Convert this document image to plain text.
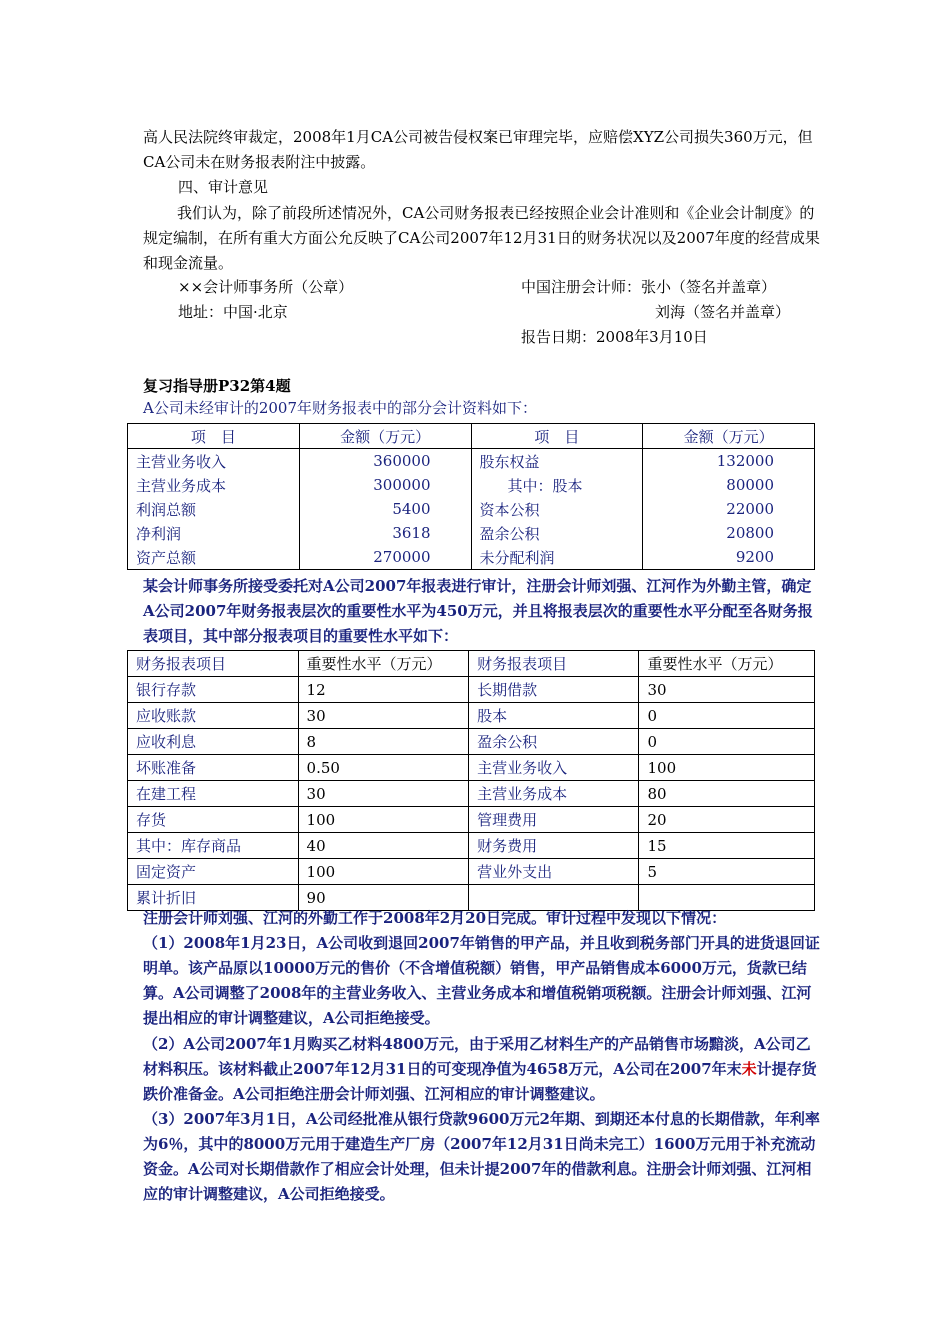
高人民法院终审裁定，2008年1月CA公司被告侵权案已审理完毕，应赔偿XYZ公司损失360万元，但CA公司未在财务报表附注中披露。

四、审计意见

我们认为，除了前段所述情况外，CA公司财务报表已经按照企业会计准则和《企业会计制度》的规定编制，在所有重大方面公允反映了CA公司2007年12月31日的财务状况以及2007年度的经营成果和现金流量。

××会计师事务所（公章）	中国注册会计师：张小（签名并盖章）
地址：中国·北京	刘海（签名并盖章）
报告日期：2008年3月10日
复习指导册P32第4题
A公司未经审计的2007年财务报表中的部分会计资料如下：
项　目	金额（万元）	项　目	金额（万元）
主营业务收入	360000	股东权益	132000
主营业务成本	300000	其中：股本	80000
利润总额	5400	资本公积	22000
净利润	3618	盈余公积	20800
资产总额	270000	未分配利润	9200

某会计师事务所接受委托对A公司2007年报表进行审计，注册会计师刘强、江河作为外勤主管，确定A公司2007年财务报表层次的重要性水平为450万元，并且将报表层次的重要性水平分配至各财务报表项目，其中部分报表项目的重要性水平如下：

财务报表项目	重要性水平（万元）	财务报表项目	重要性水平（万元）
银行存款	12	长期借款	30
应收账款	30	股本	0
应收利息	8	盈余公积	0
坏账准备	0.50	主营业务收入	100
在建工程	30	主营业务成本	80
存货	100	管理费用	20
其中：库存商品	40	财务费用	15
固定资产	100	营业外支出	5
累计折旧	90		

注册会计师刘强、江河的外勤工作于2008年2月20日完成。审计过程中发现以下情况：

（1）2008年1月23日，A公司收到退回2007年销售的甲产品，并且收到税务部门开具的进货退回证明单。该产品原以10000万元的售价（不含增值税额）销售，甲产品销售成本6000万元，货款已结算。A公司调整了2008年的主营业务收入、主营业务成本和增值税销项税额。注册会计师刘强、江河提出相应的审计调整建议，A公司拒绝接受。

（2）A公司2007年1月购买乙材料4800万元，由于采用乙材料生产的产品销售市场黯淡，A公司乙材料积压。该材料截止2007年12月31日的可变现净值为4658万元，A公司在2007年末未计提存货跌价准备金。A公司拒绝注册会计师刘强、江河相应的审计调整建议。

（3）2007年3月1日，A公司经批准从银行贷款9600万元2年期、到期还本付息的长期借款，年利率为6％，其中的8000万元用于建造生产厂房（2007年12月31日尚未完工）1600万元用于补充流动资金。A公司对长期借款作了相应会计处理，但未计提2007年的借款利息。注册会计师刘强、江河相应的审计调整建议，A公司拒绝接受。
